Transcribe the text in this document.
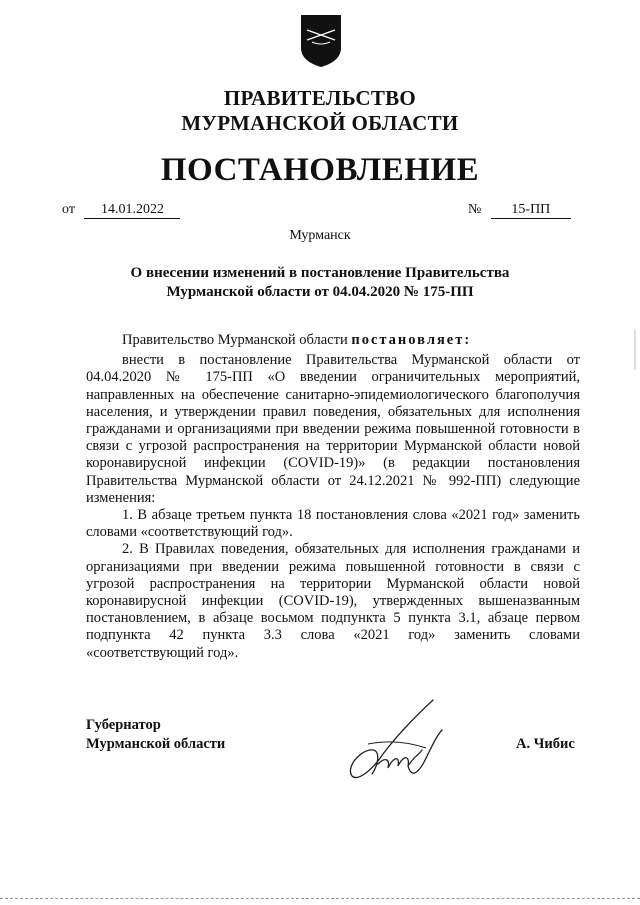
ПРАВИТЕЛЬСТВО
МУРМАНСКОЙ ОБЛАСТИ
ПОСТАНОВЛЕНИЕ
от 14.01.2022	№ 15-ПП
Мурманск
О внесении изменений в постановление Правительства
Мурманской области от 04.04.2020 № 175-ПП

Правительство Мурманской области постановляет:

внести в постановление Правительства Мурманской области от 04.04.2020 № 175-ПП «О введении ограничительных мероприятий, направленных на обеспечение санитарно-эпидемиологического благополучия населения, и утверждении правил поведения, обязательных для исполнения гражданами и организациями при введении режима повышенной готовности в связи с угрозой распространения на территории Мурманской области новой коронавирусной инфекции (COVID-19)» (в редакции постановления Правительства Мурманской области от 24.12.2021 № 992-ПП) следующие изменения:

1. В абзаце третьем пункта 18 постановления слова «2021 год» заменить словами «соответствующий год».

2. В Правилах поведения, обязательных для исполнения гражданами и организациями при введении режима повышенной готовности в связи с угрозой распространения на территории Мурманской области новой коронавирусной инфекции (COVID-19), утвержденных вышеназванным постановлением, в абзаце восьмом подпункта 5 пункта 3.1, абзаце первом подпункта 42 пункта 3.3 слова «2021 год» заменить словами «соответствующий год».

Губернатор
Мурманской области	А. Чибис
